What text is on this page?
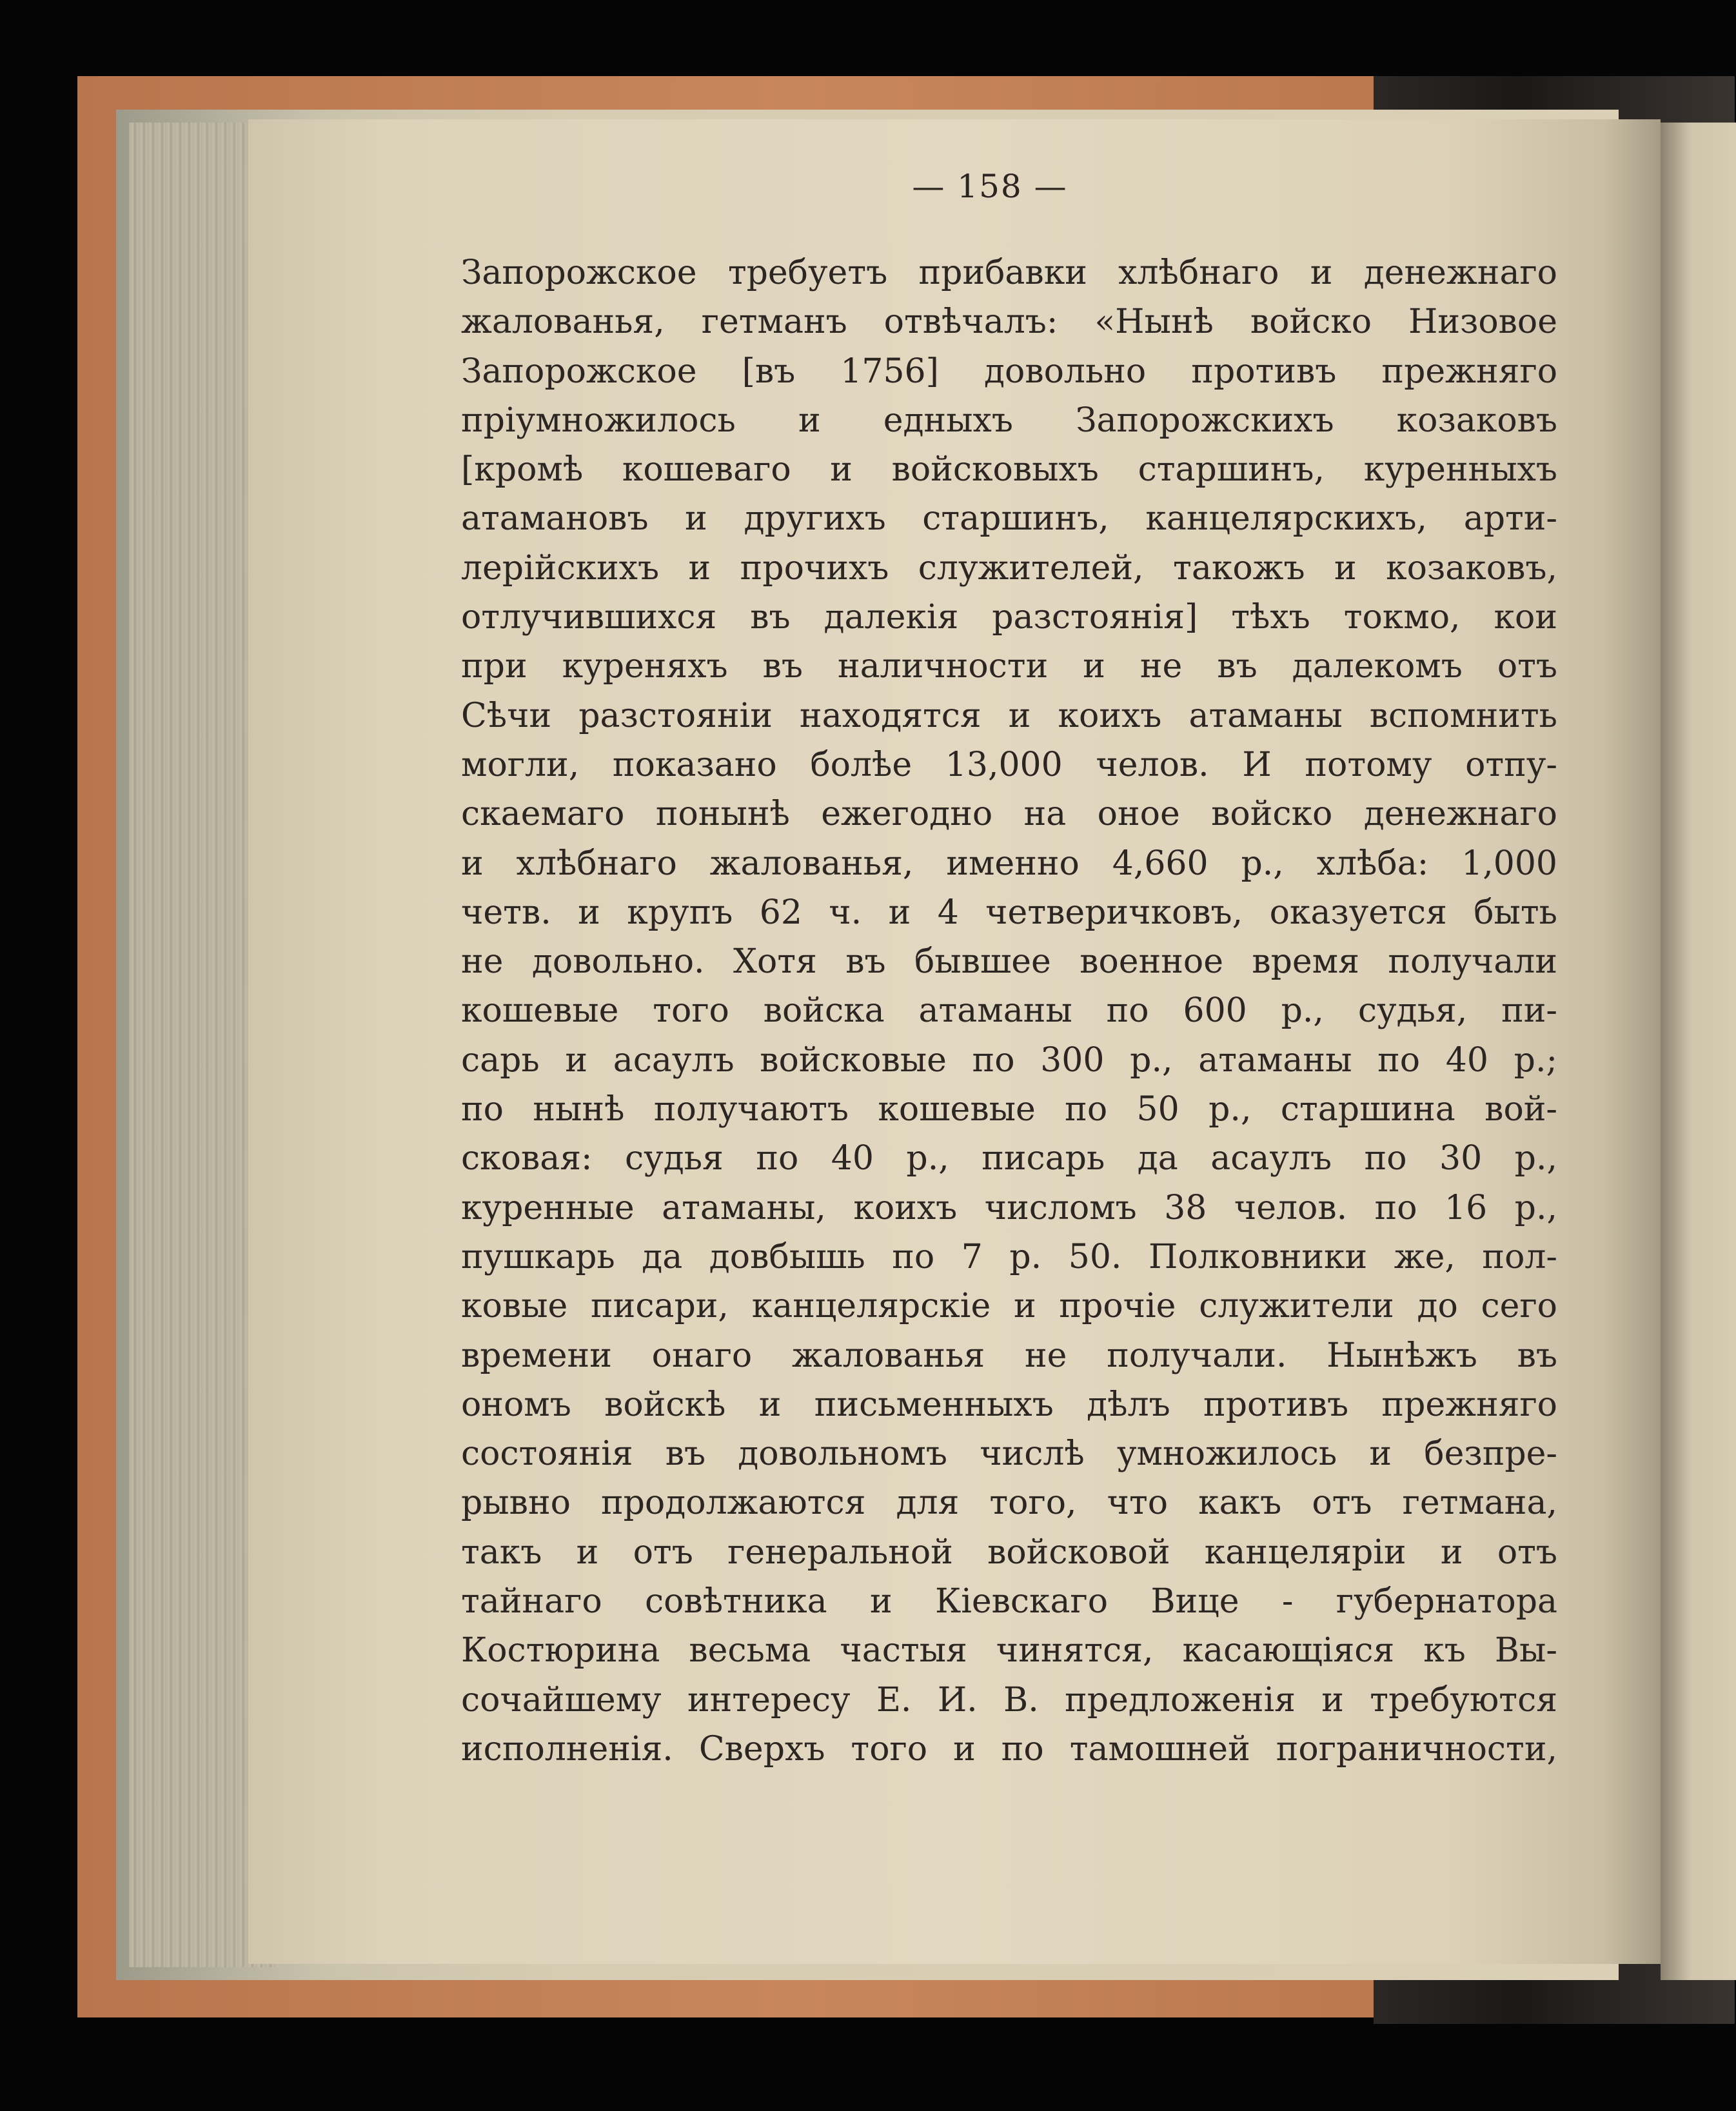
— 158 —
Запорожское требуетъ прибавки хлѣбнаго и денежнаго
жалованья, гетманъ отвѣчалъ: «Нынѣ войско Низовое
Запорожское [въ 1756] довольно противъ прежняго
пріумножилось и едныхъ Запорожскихъ козаковъ
[кромѣ кошеваго и войсковыхъ старшинъ, куренныхъ
атамановъ и другихъ старшинъ, канцелярскихъ, арти-
лерійскихъ и прочихъ служителей, такожъ и козаковъ,
отлучившихся въ далекія разстоянія] тѣхъ токмо, кои
при куреняхъ въ наличности и не въ далекомъ отъ
Сѣчи разстояніи находятся и коихъ атаманы вспомнить
могли, показано болѣе 13,000 челов. И потому отпу-
скаемаго понынѣ ежегодно на оное войско денежнаго
и хлѣбнаго жалованья, именно 4,660 р., хлѣба: 1,000
четв. и крупъ 62 ч. и 4 четверичковъ, оказуется быть
не довольно. Хотя въ бывшее военное время получали
кошевые того войска атаманы по 600 р., судья, пи-
сарь и асаулъ войсковые по 300 р., атаманы по 40 р.;
по нынѣ получаютъ кошевые по 50 р., старшина вой-
сковая: судья по 40 р., писарь да асаулъ по 30 р.,
куренные атаманы, коихъ числомъ 38 челов. по 16 р.,
пушкарь да довбышь по 7 р. 50. Полковники же, пол-
ковые писари, канцелярскіе и прочіе служители до сего
времени онаго жалованья не получали. Нынѣжъ въ
ономъ войскѣ и письменныхъ дѣлъ противъ прежняго
состоянія въ довольномъ числѣ умножилось и безпре-
рывно продолжаются для того, что какъ отъ гетмана,
такъ и отъ генеральной войсковой канцеляріи и отъ
тайнаго совѣтника и Кіевскаго Вице - губернатора
Костюрина весьма частыя чинятся, касающіяся къ Вы-
сочайшему интересу Е. И. В. предложенія и требуются
исполненія. Сверхъ того и по тамошней пограничности,
